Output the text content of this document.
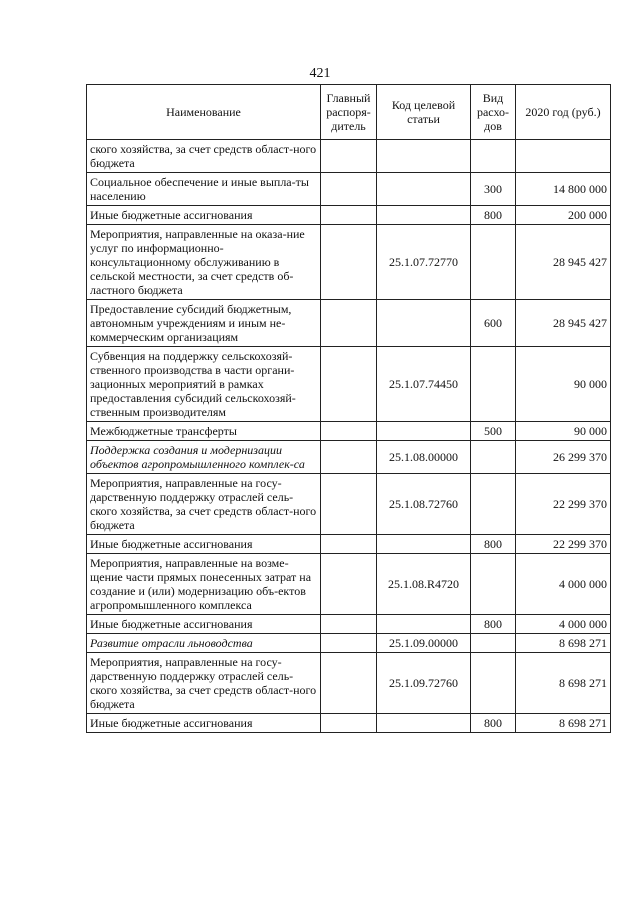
421
Наименование	Главный распоря-дитель	Код целевой статьи	Вид расхо-дов	2020 год (руб.)
ского хозяйства, за счет средств област-ного бюджета				
Социальное обеспечение и иные выпла-ты населению			300	14 800 000
Иные бюджетные ассигнования			800	200 000
Мероприятия, направленные на оказа-ние услуг по информационно-консультационному обслуживанию в сельской местности, за счет средств об-ластного бюджета		25.1.07.72770		28 945 427
Предоставление субсидий бюджетным, автономным учреждениям и иным не-коммерческим организациям			600	28 945 427
Субвенция на поддержку сельскохозяй-ственного производства в части органи-зационных мероприятий в рамках предоставления субсидий сельскохозяй-ственным производителям		25.1.07.74450		90 000
Межбюджетные трансферты			500	90 000
Поддержка создания и модернизации объектов агропромышленного комплек-са		25.1.08.00000		26 299 370
Мероприятия, направленные на госу-дарственную поддержку отраслей сель-ского хозяйства, за счет средств област-ного бюджета		25.1.08.72760		22 299 370
Иные бюджетные ассигнования			800	22 299 370
Мероприятия, направленные на возме-щение части прямых понесенных затрат на создание и (или) модернизацию объ-ектов агропромышленного комплекса		25.1.08.R4720		4 000 000
Иные бюджетные ассигнования			800	4 000 000
Развитие отрасли льноводства		25.1.09.00000		8 698 271
Мероприятия, направленные на госу-дарственную поддержку отраслей сель-ского хозяйства, за счет средств област-ного бюджета		25.1.09.72760		8 698 271
Иные бюджетные ассигнования			800	8 698 271
